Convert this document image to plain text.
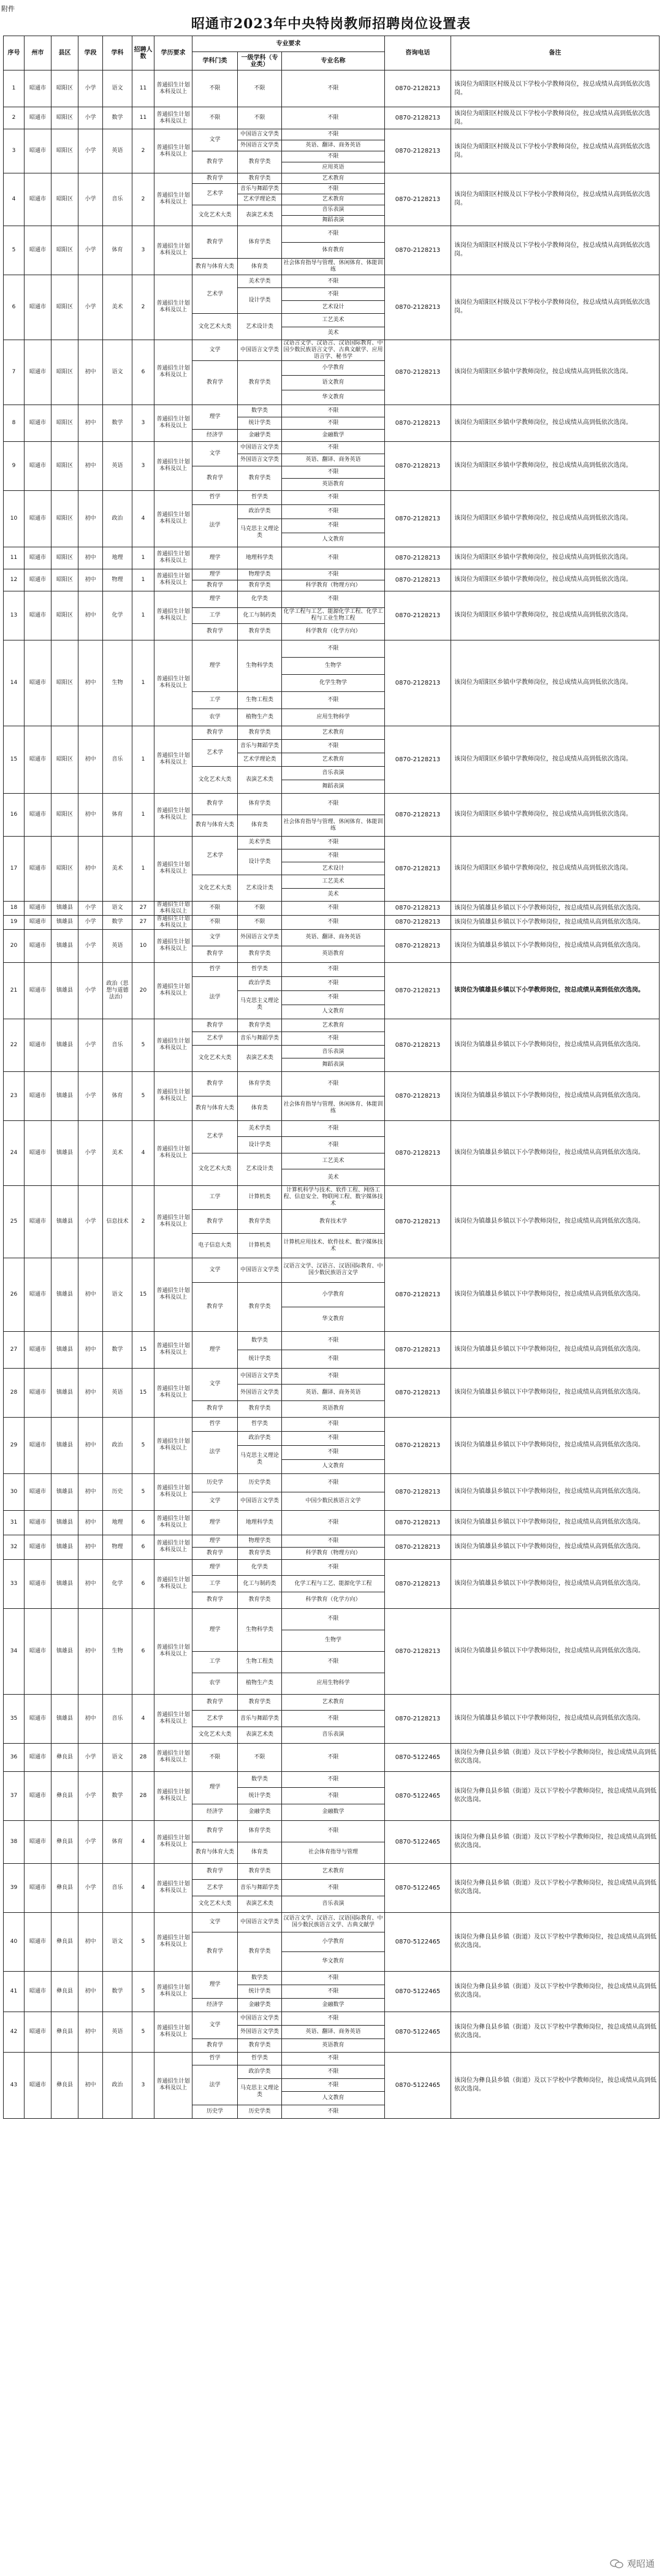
附件
昭通市2023年中央特岗教师招聘岗位设置表
序号	州市	县区	学段	学科	招聘人数	学历要求	专业要求			咨询电话	备注
							学科门类	一级学科（专业类）	专业名称		
1	昭通市	昭阳区	小学	语文	11	普通招生计划本科及以上	不限	不限	不限	0870-2128213	该岗位为昭阳区村级及以下学校小学教师岗位，按总成绩从高到低依次选岗。
2	昭通市	昭阳区	小学	数学	11	普通招生计划本科及以上	不限	不限	不限	0870-2128213	该岗位为昭阳区村级及以下学校小学教师岗位，按总成绩从高到低依次选岗。
3	昭通市	昭阳区	小学	英语	2	普通招生计划本科及以上	文学	中国语言文学类	不限	0870-2128213	该岗位为昭阳区村级及以下学校小学教师岗位，按总成绩从高到低依次选岗。
								外国语言文学类	英语、翻译、商务英语		
							教育学	教育学类	不限		
									应用英语		
4	昭通市	昭阳区	小学	音乐	2	普通招生计划本科及以上	教育学	教育学类	艺术教育	0870-2128213	该岗位为昭阳区村级及以下学校小学教师岗位，按总成绩从高到低依次选岗。
							艺术学	音乐与舞蹈学类	不限		
								艺术学理论类	艺术教育		
							文化艺术大类	表演艺术类	音乐表演		
									舞蹈表演		
5	昭通市	昭阳区	小学	体育	3	普通招生计划本科及以上	教育学	体育学类	不限	0870-2128213	该岗位为昭阳区村级及以下学校小学教师岗位，按总成绩从高到低依次选岗。
									体育教育		
							教育与体育大类	体育类	社会体育指导与管理、休闲体育、体能训练		
6	昭通市	昭阳区	小学	美术	2	普通招生计划本科及以上	艺术学	美术学类	不限	0870-2128213	该岗位为昭阳区村级及以下学校小学教师岗位，按总成绩从高到低依次选岗。
								设计学类	不限		
									艺术设计		
							文化艺术大类	艺术设计类	工艺美术		
									美术		
7	昭通市	昭阳区	初中	语文	6	普通招生计划本科及以上	文学	中国语言文学类	汉语言文学、汉语言、汉语国际教育、中国少数民族语言文学、古典文献学、应用语言学、秘书学	0870-2128213	该岗位为昭阳区乡镇中学教师岗位，按总成绩从高到低依次选岗。
							教育学	教育学类	小学教育		
									语文教育		
									华文教育		
8	昭通市	昭阳区	初中	数学	3	普通招生计划本科及以上	理学	数学类	不限	0870-2128213	该岗位为昭阳区乡镇中学教师岗位，按总成绩从高到低依次选岗。
								统计学类	不限		
							经济学	金融学类	金融数学		
9	昭通市	昭阳区	初中	英语	3	普通招生计划本科及以上	文学	中国语言文学类	不限	0870-2128213	该岗位为昭阳区乡镇中学教师岗位，按总成绩从高到低依次选岗。
								外国语言文学类	英语、翻译、商务英语		
							教育学	教育学类	不限		
									英语教育		
10	昭通市	昭阳区	初中	政治	4	普通招生计划本科及以上	哲学	哲学类	不限	0870-2128213	该岗位为昭阳区乡镇中学教师岗位，按总成绩从高到低依次选岗。
							法学	政治学类	不限		
								马克思主义理论类	不限		
									人文教育		
11	昭通市	昭阳区	初中	地理	1	普通招生计划本科及以上	理学	地理科学类	不限	0870-2128213	该岗位为昭阳区乡镇中学教师岗位，按总成绩从高到低依次选岗。
12	昭通市	昭阳区	初中	物理	1	普通招生计划本科及以上	理学	物理学类	不限	0870-2128213	该岗位为昭阳区乡镇中学教师岗位，按总成绩从高到低依次选岗。
							教育学	教育学类	科学教育（物理方向）		
13	昭通市	昭阳区	初中	化学	1	普通招生计划本科及以上	理学	化学类	不限	0870-2128213	该岗位为昭阳区乡镇中学教师岗位，按总成绩从高到低依次选岗。
							工学	化工与制药类	化学工程与工艺、能源化学工程、化学工程与工业生物工程		
							教育学	教育学类	科学教育（化学方向）		
14	昭通市	昭阳区	初中	生物	1	普通招生计划本科及以上	理学	生物科学类	不限	0870-2128213	该岗位为昭阳区乡镇中学教师岗位，按总成绩从高到低依次选岗。
									生物学		
									化学生物学		
							工学	生物工程类	不限		
							农学	植物生产类	应用生物科学		
15	昭通市	昭阳区	初中	音乐	1	普通招生计划本科及以上	教育学	教育学类	艺术教育	0870-2128213	该岗位为昭阳区乡镇中学教师岗位，按总成绩从高到低依次选岗。
							艺术学	音乐与舞蹈学类	不限		
								艺术学理论类	艺术教育		
							文化艺术大类	表演艺术类	音乐表演		
									舞蹈表演		
16	昭通市	昭阳区	初中	体育	1	普通招生计划本科及以上	教育学	体育学类	不限	0870-2128213	该岗位为昭阳区乡镇中学教师岗位，按总成绩从高到低依次选岗。
							教育与体育大类	体育类	社会体育指导与管理、休闲体育、体能训练		
17	昭通市	昭阳区	初中	美术	1	普通招生计划本科及以上	艺术学	美术学类	不限	0870-2128213	该岗位为昭阳区乡镇中学教师岗位，按总成绩从高到低依次选岗。
								设计学类	不限		
									艺术设计		
							文化艺术大类	艺术设计类	工艺美术		
									美术		
18	昭通市	镇雄县	小学	语文	27	普通招生计划本科及以上	不限	不限	不限	0870-2128213	该岗位为镇雄县乡镇以下小学教师岗位，按总成绩从高到低依次选岗。
19	昭通市	镇雄县	小学	数学	27	普通招生计划本科及以上	不限	不限	不限	0870-2128213	该岗位为镇雄县乡镇以下小学教师岗位，按总成绩从高到低依次选岗。
20	昭通市	镇雄县	小学	英语	10	普通招生计划本科及以上	文学	外国语言文学类	英语、翻译、商务英语	0870-2128213	该岗位为镇雄县乡镇以下小学教师岗位，按总成绩从高到低依次选岗。
							教育学	教育学类	英语教育		
21	昭通市	镇雄县	小学	政治（思想与道德法治）	20	普通招生计划本科及以上	哲学	哲学类	不限	0870-2128213	该岗位为镇雄县乡镇以下小学教师岗位，按总成绩从高到低依次选岗。
							法学	政治学类	不限		
								马克思主义理论类	不限		
									人文教育		
22	昭通市	镇雄县	小学	音乐	5	普通招生计划本科及以上	教育学	教育学类	艺术教育	0870-2128213	该岗位为镇雄县乡镇以下小学教师岗位，按总成绩从高到低依次选岗。
							艺术学	音乐与舞蹈学类	不限		
							文化艺术大类	表演艺术类	音乐表演		
									舞蹈表演		
23	昭通市	镇雄县	小学	体育	5	普通招生计划本科及以上	教育学	体育学类	不限	0870-2128213	该岗位为镇雄县乡镇以下小学教师岗位，按总成绩从高到低依次选岗。
							教育与体育大类	体育类	社会体育指导与管理、休闲体育、体能训练		
24	昭通市	镇雄县	小学	美术	4	普通招生计划本科及以上	艺术学	美术学类	不限	0870-2128213	该岗位为镇雄县乡镇以下小学教师岗位，按总成绩从高到低依次选岗。
								设计学类	不限		
							文化艺术大类	艺术设计类	工艺美术		
									美术		
25	昭通市	镇雄县	小学	信息技术	2	普通招生计划本科及以上	工学	计算机类	计算机科学与技术、软件工程、网络工程、信息安全、物联网工程、数字媒体技术	0870-2128213	该岗位为镇雄县乡镇以下小学教师岗位，按总成绩从高到低依次选岗。
							教育学	教育学类	教育技术学		
							电子信息大类	计算机类	计算机应用技术、软件技术、数字媒体技术		
26	昭通市	镇雄县	初中	语文	15	普通招生计划本科及以上	文学	中国语言文学类	汉语言文学、汉语言、汉语国际教育、中国少数民族语言文学	0870-2128213	该岗位为镇雄县乡镇以下中学教师岗位，按总成绩从高到低依次选岗。
							教育学	教育学类	小学教育		
									华文教育		
27	昭通市	镇雄县	初中	数学	15	普通招生计划本科及以上	理学	数学类	不限	0870-2128213	该岗位为镇雄县乡镇以下中学教师岗位，按总成绩从高到低依次选岗。
								统计学类	不限		
28	昭通市	镇雄县	初中	英语	15	普通招生计划本科及以上	文学	中国语言文学类	不限	0870-2128213	该岗位为镇雄县乡镇以下中学教师岗位，按总成绩从高到低依次选岗。
								外国语言文学类	英语、翻译、商务英语		
							教育学	教育学类	英语教育		
29	昭通市	镇雄县	初中	政治	5	普通招生计划本科及以上	哲学	哲学类	不限	0870-2128213	该岗位为镇雄县乡镇以下中学教师岗位，按总成绩从高到低依次选岗。
							法学	政治学类	不限		
								马克思主义理论类	不限		
									人文教育		
30	昭通市	镇雄县	初中	历史	5	普通招生计划本科及以上	历史学	历史学类	不限	0870-2128213	该岗位为镇雄县乡镇以下中学教师岗位，按总成绩从高到低依次选岗。
							文学	中国语言文学类	中国少数民族语言文学		
31	昭通市	镇雄县	初中	地理	6	普通招生计划本科及以上	理学	地理科学类	不限	0870-2128213	该岗位为镇雄县乡镇以下中学教师岗位，按总成绩从高到低依次选岗。
32	昭通市	镇雄县	初中	物理	6	普通招生计划本科及以上	理学	物理学类	不限	0870-2128213	该岗位为镇雄县乡镇以下中学教师岗位，按总成绩从高到低依次选岗。
							教育学	教育学类	科学教育（物理方向）		
33	昭通市	镇雄县	初中	化学	6	普通招生计划本科及以上	理学	化学类	不限	0870-2128213	该岗位为镇雄县乡镇以下中学教师岗位，按总成绩从高到低依次选岗。
							工学	化工与制药类	化学工程与工艺、能源化学工程		
							教育学	教育学类	科学教育（化学方向）		
34	昭通市	镇雄县	初中	生物	6	普通招生计划本科及以上	理学	生物科学类	不限	0870-2128213	该岗位为镇雄县乡镇以下中学教师岗位，按总成绩从高到低依次选岗。
									生物学		
							工学	生物工程类	不限		
							农学	植物生产类	应用生物科学		
35	昭通市	镇雄县	初中	音乐	4	普通招生计划本科及以上	教育学	教育学类	艺术教育	0870-2128213	该岗位为镇雄县乡镇以下中学教师岗位，按总成绩从高到低依次选岗。
							艺术学	音乐与舞蹈学类	不限		
							文化艺术大类	表演艺术类	音乐表演		
36	昭通市	彝良县	小学	语文	28	普通招生计划本科及以上	不限	不限	不限	0870-5122465	该岗位为彝良县乡镇（街道）及以下学校小学教师岗位，按总成绩从高到低依次选岗。
37	昭通市	彝良县	小学	数学	28	普通招生计划本科及以上	理学	数学类	不限	0870-5122465	该岗位为彝良县乡镇（街道）及以下学校小学教师岗位，按总成绩从高到低依次选岗。
								统计学类	不限		
							经济学	金融学类	金融数学		
38	昭通市	彝良县	小学	体育	4	普通招生计划本科及以上	教育学	体育学类	不限	0870-5122465	该岗位为彝良县乡镇（街道）及以下学校小学教师岗位，按总成绩从高到低依次选岗。
							教育与体育大类	体育类	社会体育指导与管理		
39	昭通市	彝良县	小学	音乐	4	普通招生计划本科及以上	教育学	教育学类	艺术教育	0870-5122465	该岗位为彝良县乡镇（街道）及以下学校小学教师岗位，按总成绩从高到低依次选岗。
							艺术学	音乐与舞蹈学类	不限		
							文化艺术大类	表演艺术类	音乐表演		
40	昭通市	彝良县	初中	语文	5	普通招生计划本科及以上	文学	中国语言文学类	汉语言文学、汉语言、汉语国际教育、中国少数民族语言文学、古典文献学	0870-5122465	该岗位为彝良县乡镇（街道）及以下学校中学教师岗位，按总成绩从高到低依次选岗。
							教育学	教育学类	小学教育		
									华文教育		
41	昭通市	彝良县	初中	数学	5	普通招生计划本科及以上	理学	数学类	不限	0870-5122465	该岗位为彝良县乡镇（街道）及以下学校中学教师岗位，按总成绩从高到低依次选岗。
								统计学类	不限		
							经济学	金融学类	金融数学		
42	昭通市	彝良县	初中	英语	5	普通招生计划本科及以上	文学	中国语言文学类	不限	0870-5122465	该岗位为彝良县乡镇（街道）及以下学校中学教师岗位，按总成绩从高到低依次选岗。
								外国语言文学类	英语、翻译、商务英语		
							教育学	教育学类	英语教育		
43	昭通市	彝良县	初中	政治	3	普通招生计划本科及以上	哲学	哲学类	不限	0870-5122465	该岗位为彝良县乡镇（街道）及以下学校中学教师岗位，按总成绩从高到低依次选岗。
							法学	政治学类	不限		
								马克思主义理论类	不限		
									人文教育		
							历史学	历史学类	不限		
观昭通
